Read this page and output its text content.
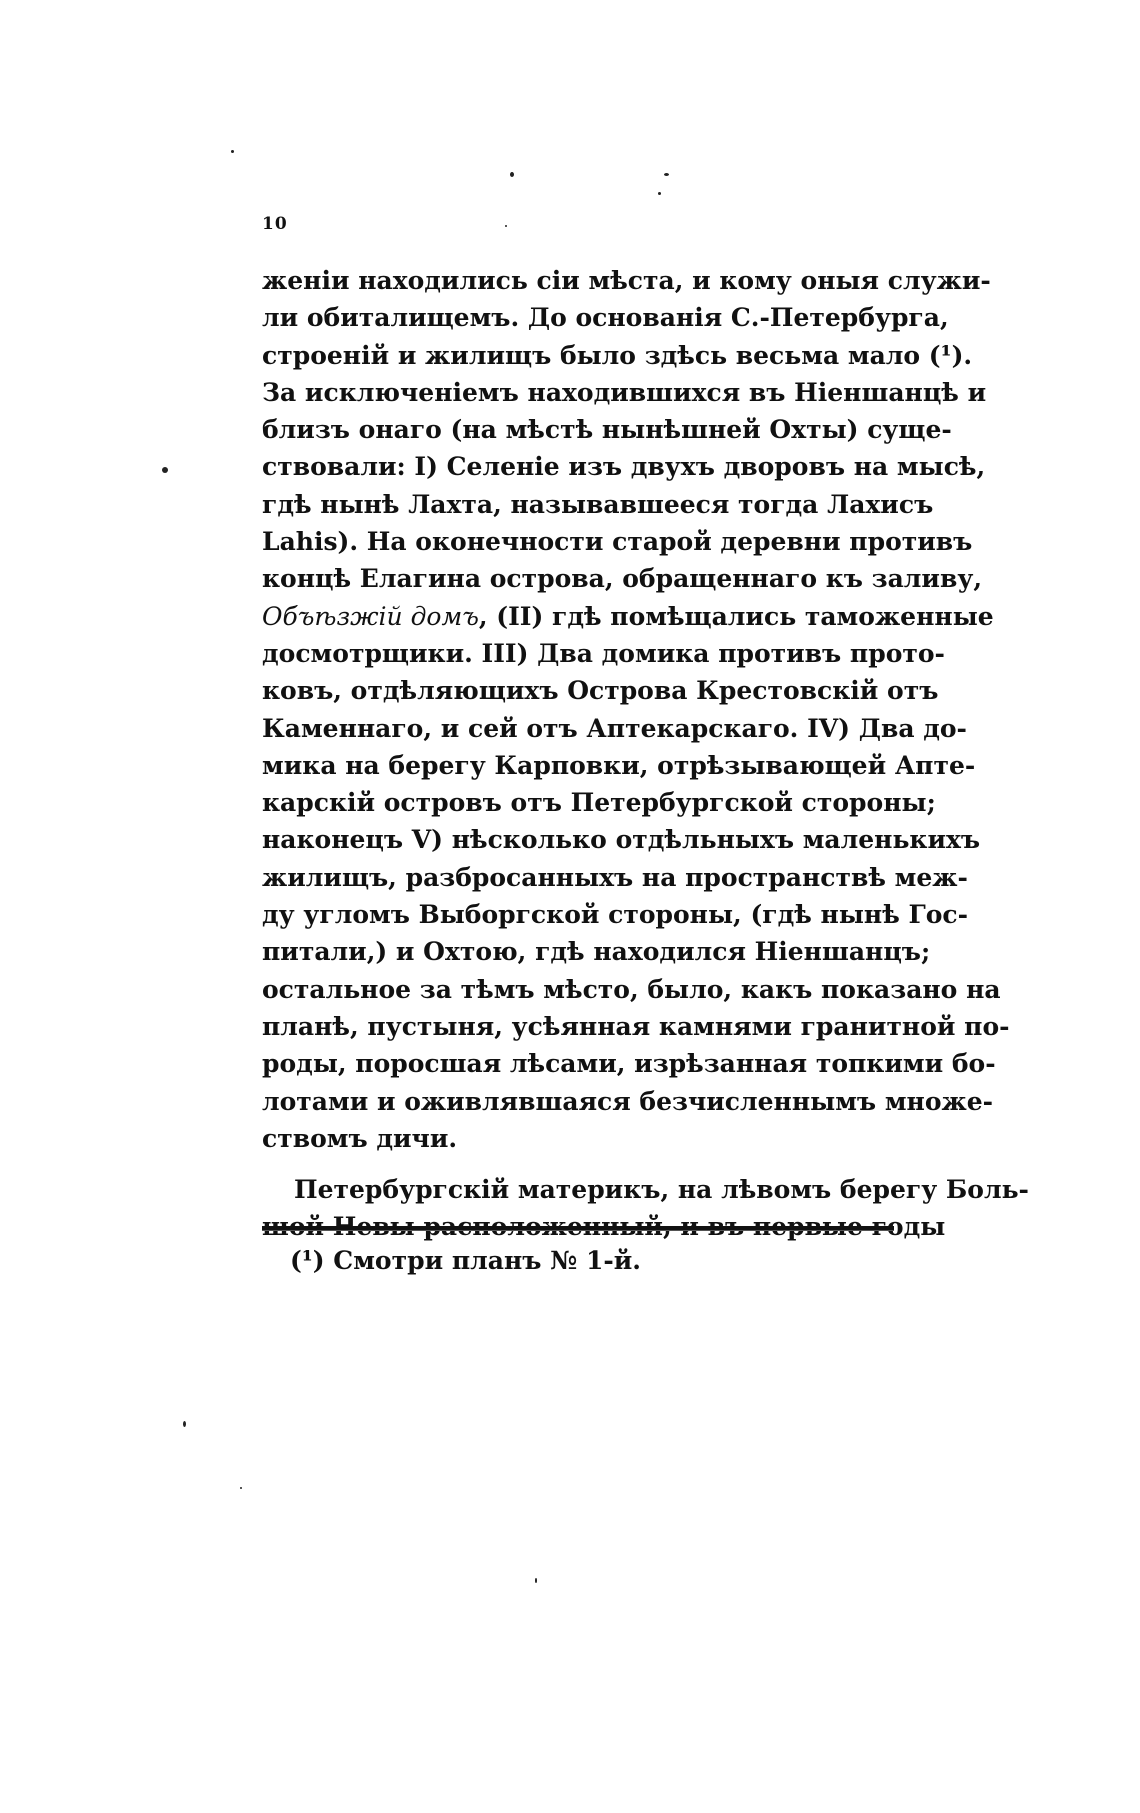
10
женіи находились сіи мѣста, и кому оныя служи-
ли обиталищемъ. До основанія С.-Петербурга,
строеній и жилищъ было здѣсь весьма мало (¹).
За исключеніемъ находившихся въ Ніеншанцѣ и
близъ онаго (на мѣстѣ нынѣшней Охты) суще-
ствовали: I) Селеніе изъ двухъ дворовъ на мысѣ,
гдѣ нынѣ Лахта, называвшееся тогда Лахисъ
Lahis). На оконечности старой деревни противъ
концѣ Елагина острова, обращеннаго къ заливу,
Объѣзжій домъ, (II) гдѣ помѣщались таможенные
досмотрщики. III) Два домика противъ прото-
ковъ, отдѣляющихъ Острова Крестовскій отъ
Каменнаго, и сей отъ Аптекарскаго. IV) Два до-
мика на берегу Карповки, отрѣзывающей Апте-
карскій островъ отъ Петербургской стороны;
наконецъ V) нѣсколько отдѣльныхъ маленькихъ
жилищъ, разбросанныхъ на пространствѣ меж-
ду угломъ Выборгской стороны, (гдѣ нынѣ Гос-
питали,) и Охтою, гдѣ находился Ніеншанцъ;
остальное за тѣмъ мѣсто, было, какъ показано на
планѣ, пустыня, усѣянная камнями гранитной по-
роды, поросшая лѣсами, изрѣзанная топкими бо-
лотами и оживлявшаяся безчисленнымъ множе-
ствомъ дичи.
Петербургскій материкъ, на лѣвомъ берегу Боль-
шой Невы расположенный, и въ первые годы
(¹) Смотри планъ № 1-й.
